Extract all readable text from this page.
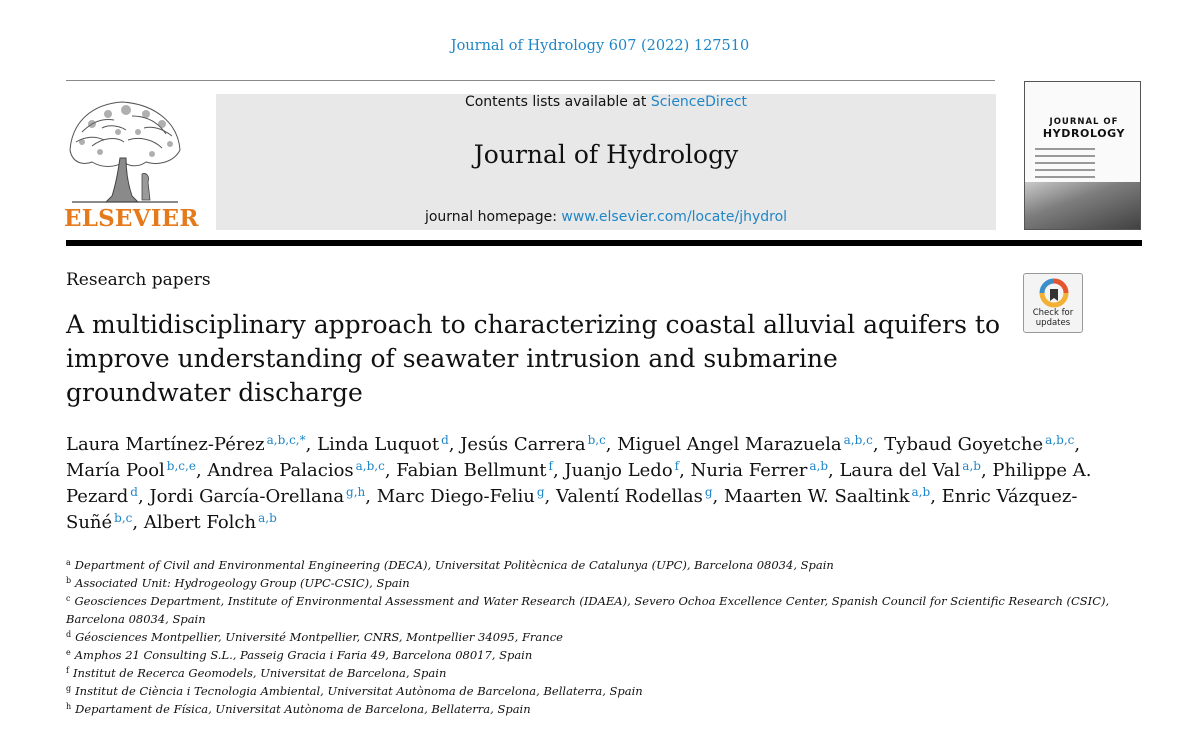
Journal of Hydrology 607 (2022) 127510
ELSEVIER
Contents lists available at ScienceDirect
Journal of Hydrology
journal homepage: www.elsevier.com/locate/jhydrol
JOURNAL OF
HYDROLOGY
Research papers
A multidisciplinary approach to characterizing coastal alluvial aquifers to improve understanding of seawater intrusion and submarine groundwater discharge
Check for
updates
Laura Martínez-Pérez $^{a,b,c,*}$, Linda Luquot $^d$, Jesús Carrera $^{b,c}$, Miguel Angel Marazuela $^{a,b,c}$, Tybaud Goyetche $^{a,b,c}$, María Pool $^{b,c,e}$, Andrea Palacios $^{a,b,c}$, Fabian Bellmunt $^f$, Juanjo Ledo $^f$, Nuria Ferrer $^{a,b}$, Laura del Val $^{a,b}$, Philippe A. Pezard $^d$, Jordi García-Orellana $^{g,h}$, Marc Diego-Feliu $^g$, Valentí Rodellas $^g$, Maarten W. Saaltink $^{a,b}$, Enric Vázquez-Suñé $^{b,c}$, Albert Folch $^{a,b}$
$^a$ Department of Civil and Environmental Engineering (DECA), Universitat Politècnica de Catalunya (UPC), Barcelona 08034, Spain
$^b$ Associated Unit: Hydrogeology Group (UPC-CSIC), Spain
$^c$ Geosciences Department, Institute of Environmental Assessment and Water Research (IDAEA), Severo Ochoa Excellence Center, Spanish Council for Scientific Research (CSIC), Barcelona 08034, Spain
$^d$ Géosciences Montpellier, Université Montpellier, CNRS, Montpellier 34095, France
$^e$ Amphos 21 Consulting S.L., Passeig Gracia i Faria 49, Barcelona 08017, Spain
$^f$ Institut de Recerca Geomodels, Universitat de Barcelona, Spain
$^g$ Institut de Ciència i Tecnologia Ambiental, Universitat Autònoma de Barcelona, Bellaterra, Spain
$^h$ Departament de Física, Universitat Autònoma de Barcelona, Bellaterra, Spain
